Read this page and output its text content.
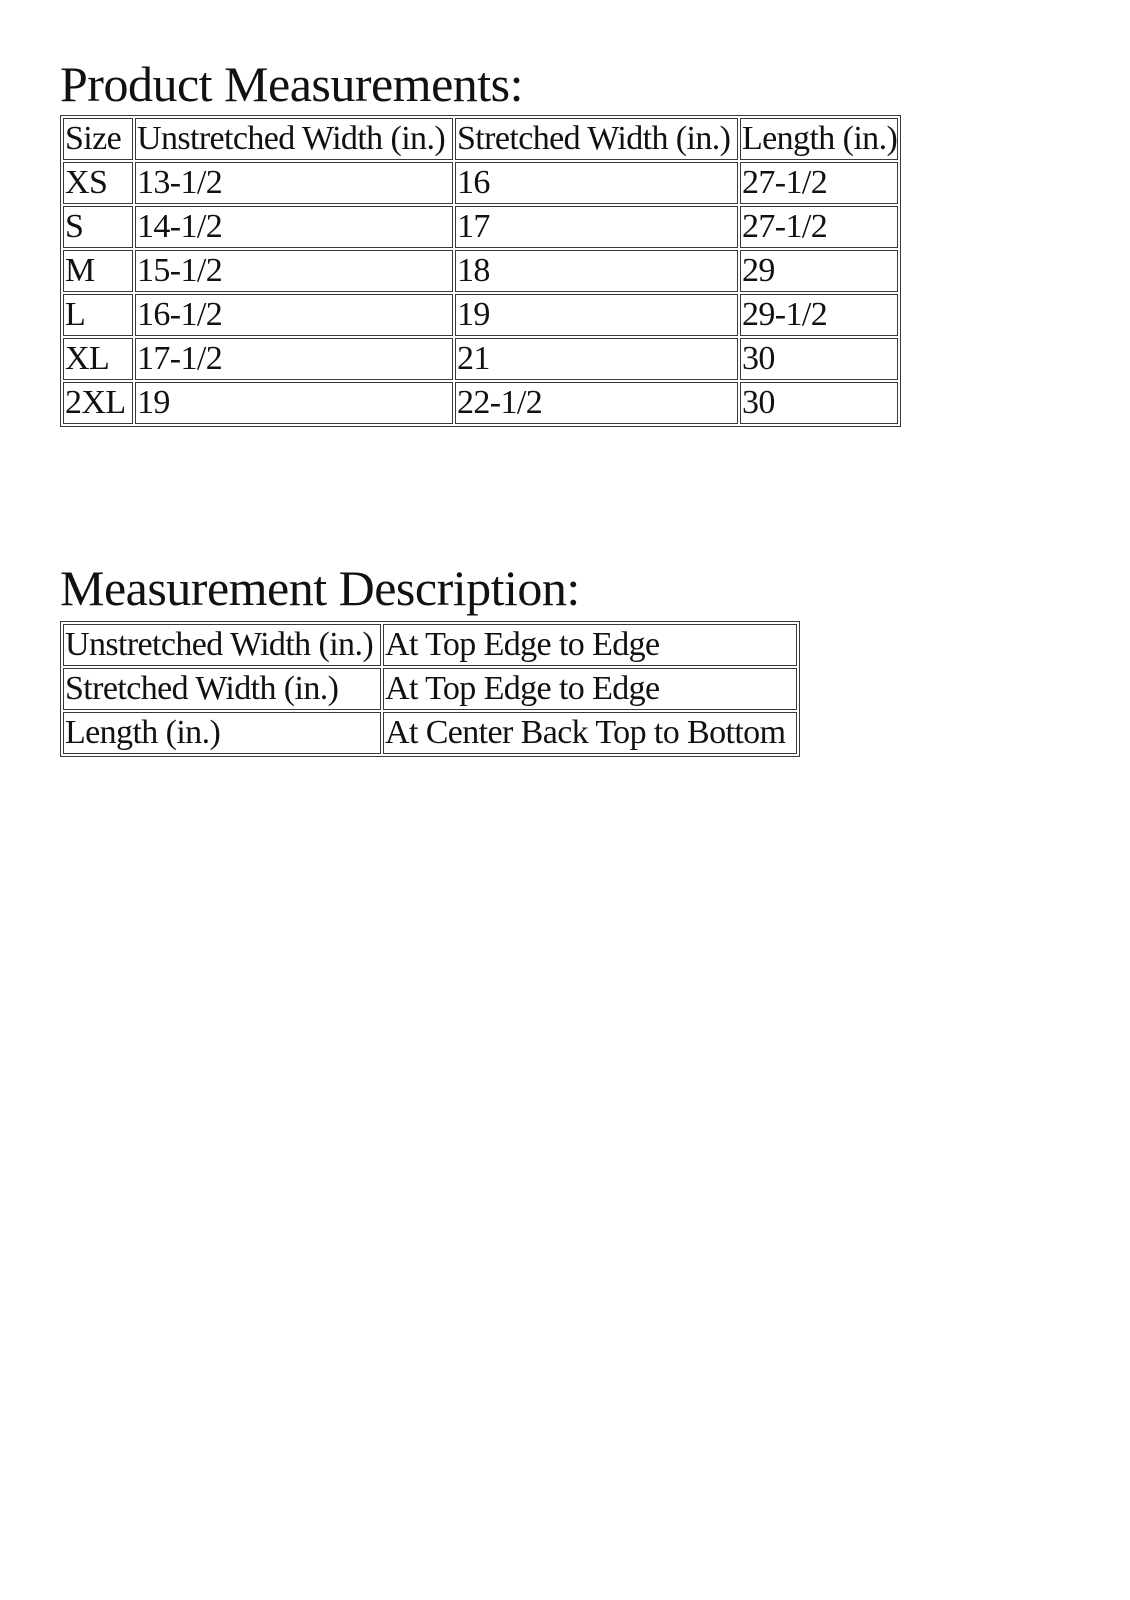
Product Measurements:
Size	Unstretched Width (in.)	Stretched Width (in.)	Length (in.)
XS	13-1/2	16	27-1/2
S	14-1/2	17	27-1/2
M	15-1/2	18	29
L	16-1/2	19	29-1/2
XL	17-1/2	21	30
2XL	19	22-1/2	30
Measurement Description:
Unstretched Width (in.)	At Top Edge to Edge
Stretched Width (in.)	At Top Edge to Edge
Length (in.)	At Center Back Top to Bottom
